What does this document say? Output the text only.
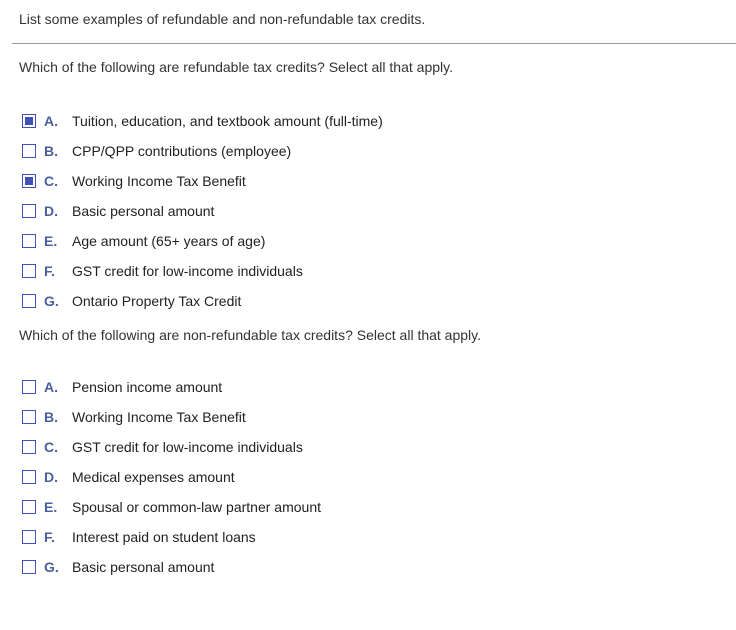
List some examples of refundable and non-refundable tax credits.
Which of the following are refundable tax credits? Select all that apply.
A.	Tuition, education, and textbook amount (full-time)
B.	CPP/QPP contributions (employee)
C.	Working Income Tax Benefit
D.	Basic personal amount
E.	Age amount (65+ years of age)
F.	GST credit for low-income individuals
G. Ontario Property Tax Credit
Which of the following are non-refundable tax credits? Select all that apply.
A.	Pension income amount
B.	Working Income Tax Benefit
C.	GST credit for low-income individuals
D.	Medical expenses amount
E.	Spousal or common-law partner amount
F.	Interest paid on student loans
G. Basic personal amount
